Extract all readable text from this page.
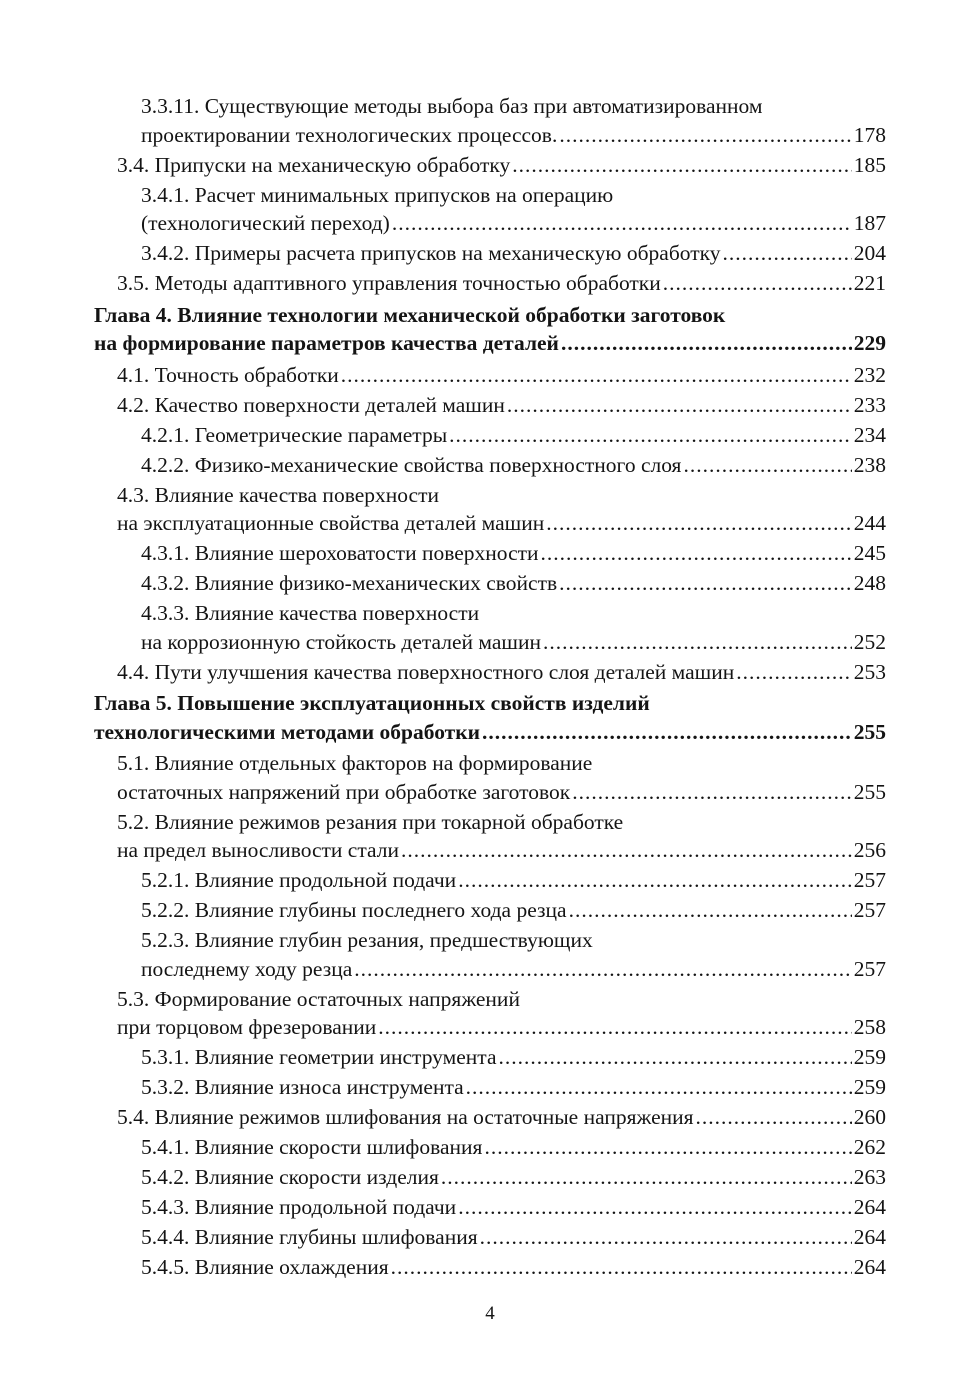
3.3.11. Существующие методы выбора баз при автоматизированном
проектировании технологических процессов. .....	178
3.4. Припуски на механическую обработку .....	185
3.4.1. Расчет минимальных припусков на операцию
(технологический переход) .....	187
3.4.2. Примеры расчета припусков на механическую обработку .....	204
3.5. Методы адаптивного управления точностью обработки .....	221
Глава 4. Влияние технологии механической обработки заготовок
на формирование параметров качества деталей .....	229
4.1. Точность обработки .....	232
4.2. Качество поверхности деталей машин .....	233
4.2.1. Геометрические параметры .....	234
4.2.2. Физико-механические свойства поверхностного слоя .....	238
4.3. Влияние качества поверхности
на эксплуатационные свойства деталей машин .....	244
4.3.1. Влияние шероховатости поверхности .....	245
4.3.2. Влияние физико-механических свойств .....	248
4.3.3. Влияние качества поверхности
на коррозионную стойкость деталей машин .....	252
4.4. Пути улучшения качества поверхностного слоя деталей машин .....	253
Глава 5. Повышение эксплуатационных свойств изделий
технологическими методами обработки .....	255
5.1. Влияние отдельных факторов на формирование
остаточных напряжений при обработке заготовок .....	255
5.2. Влияние режимов резания при токарной обработке
на предел выносливости стали .....	256
5.2.1. Влияние продольной подачи .....	257
5.2.2. Влияние глубины последнего хода резца .....	257
5.2.3. Влияние глубин резания, предшествующих
последнему ходу резца .....	257
5.3. Формирование остаточных напряжений
при торцовом фрезеровании .....	258
5.3.1. Влияние геометрии инструмента .....	259
5.3.2. Влияние износа инструмента .....	259
5.4. Влияние режимов шлифования на остаточные напряжения .....	260
5.4.1. Влияние скорости шлифования .....	262
5.4.2. Влияние скорости изделия .....	263
5.4.3. Влияние продольной подачи .....	264
5.4.4. Влияние глубины шлифования .....	264
5.4.5. Влияние охлаждения .....	264
4
